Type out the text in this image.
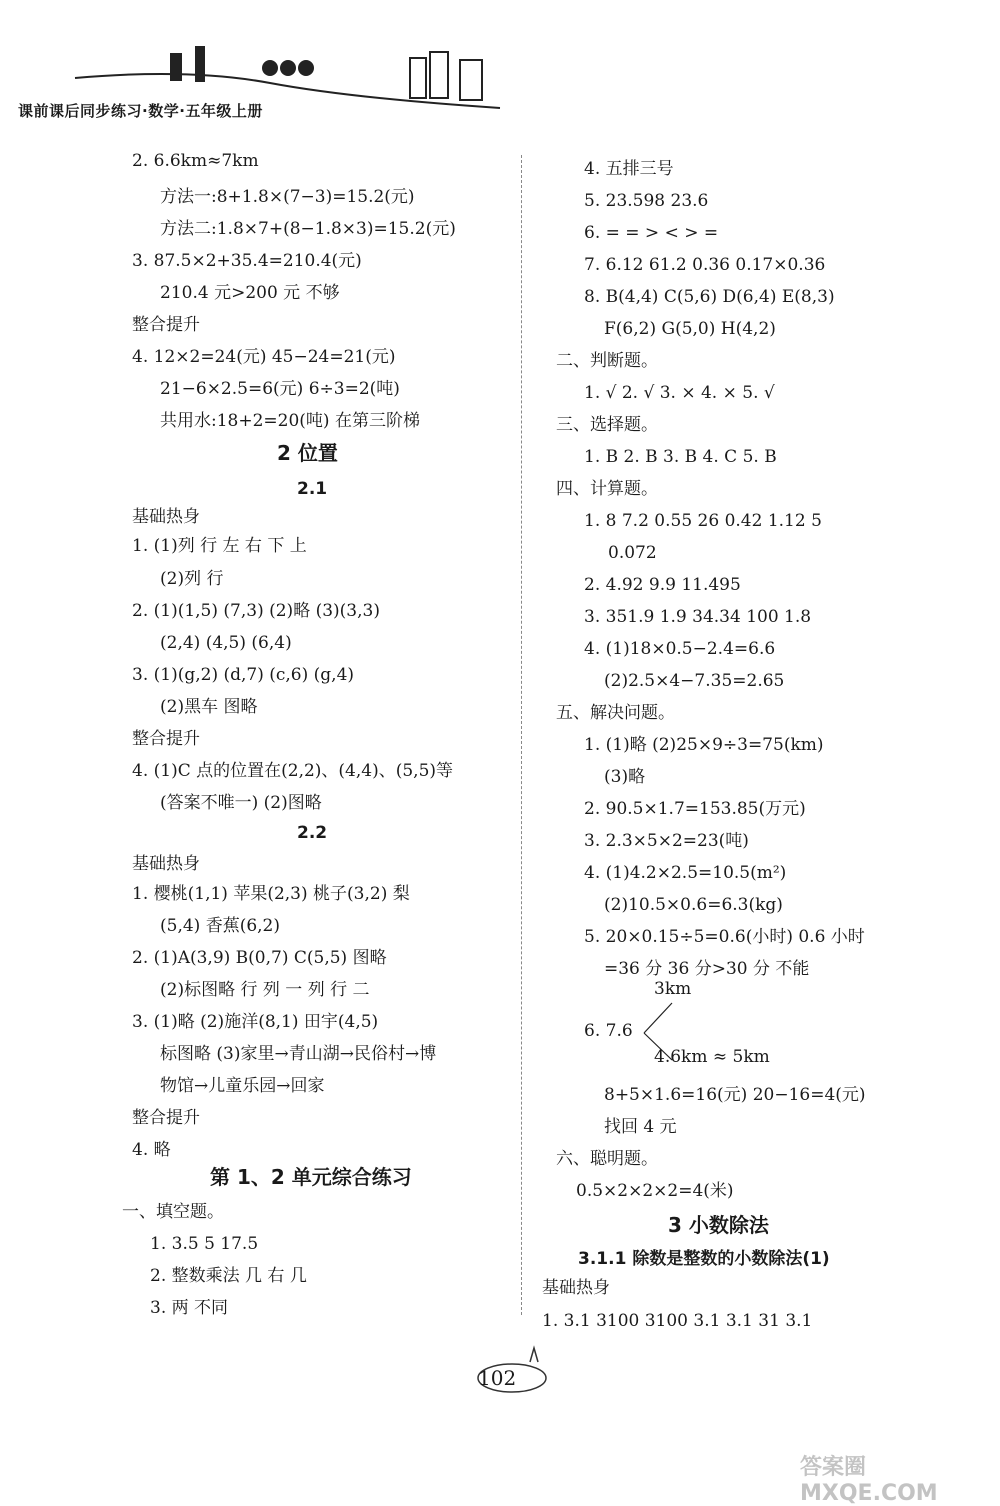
课前课后同步练习·数学·五年级上册
2. 6.6km≈7km
方法一:8+1.8×(7−3)=15.2(元)
方法二:1.8×7+(8−1.8×3)=15.2(元)
3. 87.5×2+35.4=210.4(元)
210.4 元>200 元 不够
整合提升
4. 12×2=24(元) 45−24=21(元)
21−6×2.5=6(元) 6÷3=2(吨)
共用水:18+2=20(吨) 在第三阶梯
1. (1)列 行 左 右 下 上
(2)列 行
2. (1)(1,5) (7,3) (2)略 (3)(3,3)
(2,4) (4,5) (6,4)
3. (1)(g,2) (d,7) (c,6) (g,4)
(2)黑车 图略
整合提升
4. (1)C 点的位置在(2,2)、(4,4)、(5,5)等
(答案不唯一) (2)图略
1. 樱桃(1,1) 苹果(2,3) 桃子(3,2) 梨
(5,4) 香蕉(6,2)
2. (1)A(3,9) B(0,7) C(5,5) 图略
(2)标图略 行 列 一 列 行 二
3. (1)略 (2)施洋(8,1) 田宇(4,5)
标图略 (3)家里→青山湖→民俗村→博
物馆→儿童乐园→回家
整合提升
4. 略
一、填空题。
1. 3.5 5 17.5
2. 整数乘法 几 右 几
3. 两 不同
2 位置
2.1
基础热身
2.2
基础热身
第 1、2 单元综合练习
4. 五排三号
5. 23.598 23.6
6. = = > < > =
7. 6.12 61.2 0.36 0.17×0.36
8. B(4,4) C(5,6) D(6,4) E(8,3)
F(6,2) G(5,0) H(4,2)
二、判断题。
1. √ 2. √ 3. × 4. × 5. √
三、选择题。
1. B 2. B 3. B 4. C 5. B
四、计算题。
1. 8 7.2 0.55 26 0.42 1.12 5
0.072
2. 4.92 9.9 11.495
3. 351.9 1.9 34.34 100 1.8
4. (1)18×0.5−2.4=6.6
(2)2.5×4−7.35=2.65
五、解决问题。
1. (1)略 (2)25×9÷3=75(km)
(3)略
2. 90.5×1.7=153.85(万元)
3. 2.3×5×2=23(吨)
4. (1)4.2×2.5=10.5(m²)
(2)10.5×0.6=6.3(kg)
5. 20×0.15÷5=0.6(小时) 0.6 小时
=36 分 36 分>30 分 不能
8+5×1.6=16(元) 20−16=4(元)
找回 4 元
六、聪明题。
0.5×2×2×2=4(米)
基础热身
1. 3.1 3100 3100 3.1 3.1 31 3.1
3 小数除法
3.1.1 除数是整数的小数除法(1)
6. 7.6
3km
4.6km ≈ 5km
102
答案圈 MXQE.COM
